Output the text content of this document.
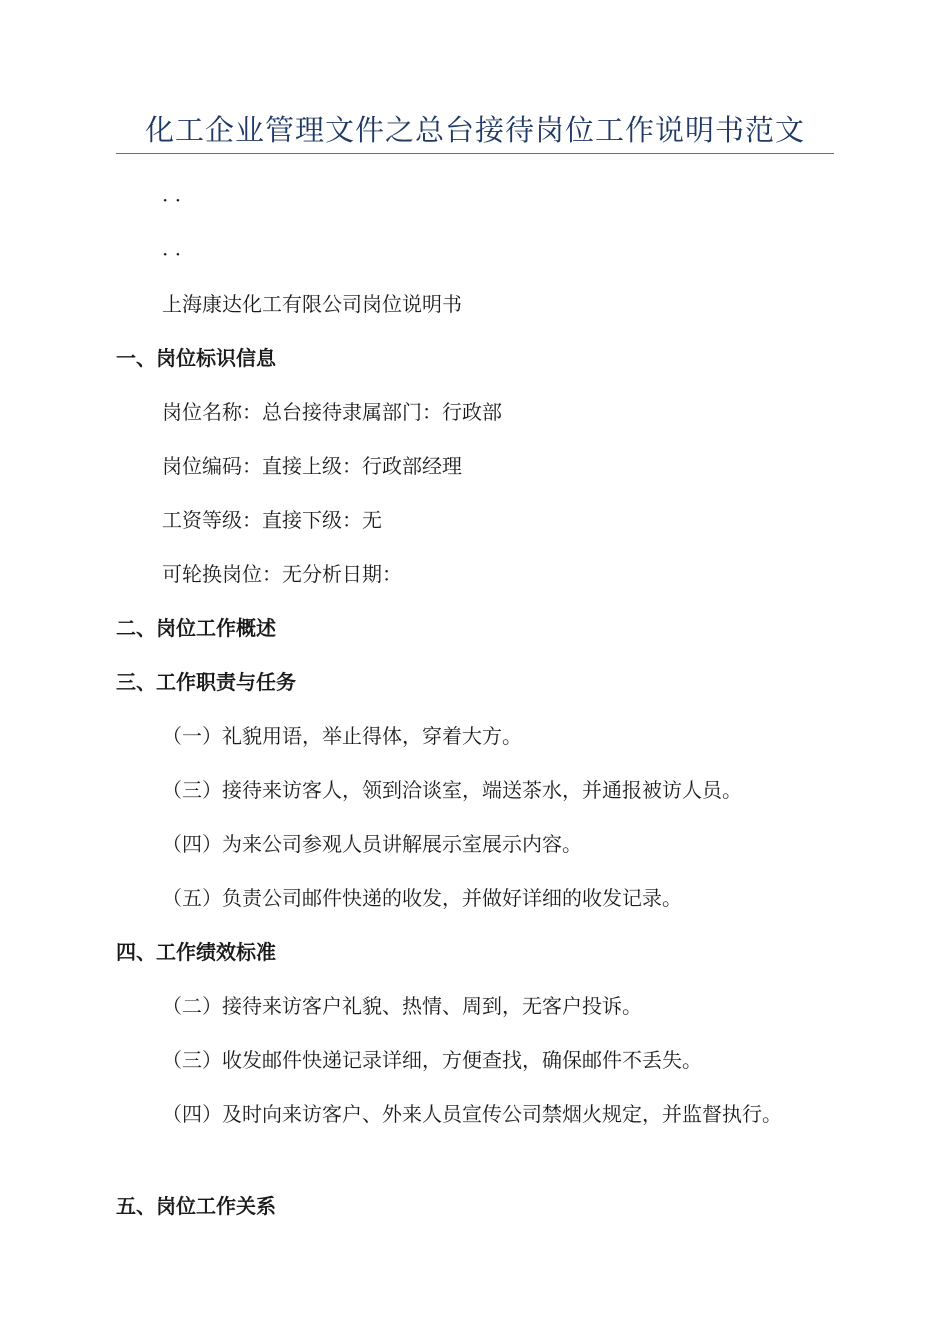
化工企业管理文件之总台接待岗位工作说明书范文

· ·

· ·

上海康达化工有限公司岗位说明书

一、岗位标识信息

岗位名称：总台接待隶属部门：行政部

岗位编码：直接上级：行政部经理

工资等级：直接下级：无

可轮换岗位：无分析日期：

二、岗位工作概述

三、工作职责与任务

（一）礼貌用语，举止得体，穿着大方。

（三）接待来访客人，领到洽谈室，端送茶水，并通报被访人员。

（四）为来公司参观人员讲解展示室展示内容。

（五）负责公司邮件快递的收发，并做好详细的收发记录。

四、工作绩效标准

（二）接待来访客户礼貌、热情、周到，无客户投诉。

（三）收发邮件快递记录详细，方便查找，确保邮件不丢失。

（四）及时向来访客户、外来人员宣传公司禁烟火规定，并监督执行。

五、岗位工作关系
